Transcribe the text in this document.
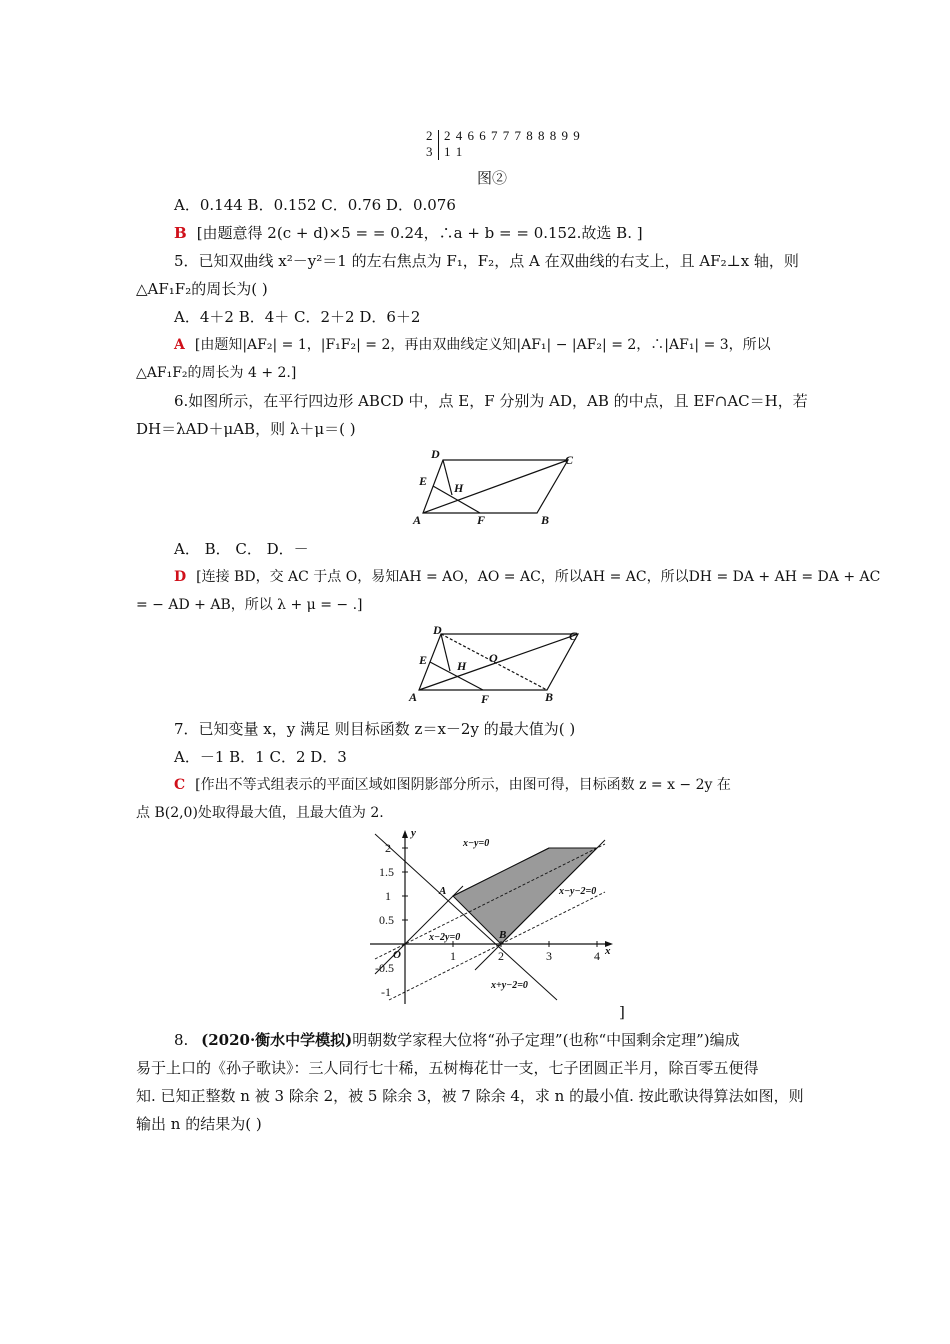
2 2 4 6 6 7 7 7 8 8 8 9 9
3 1 1
图②
A．0.144 B．0.152 C．0.76 D．0.076
B [由题意得 2(c + d)×5 = = 0.24，∴a + b = = 0.152.故选 B. ]
5．已知双曲线 x²－y²＝1 的左右焦点为 F₁，F₂，点 A 在双曲线的右支上，且 AF₂⊥x 轴，则
△AF₁F₂的周长为( )
A．4＋2 B．4＋ C．2＋2 D．6＋2
A [由题知|AF₂| = 1，|F₁F₂| = 2，再由双曲线定义知|AF₁| − |AF₂| = 2，∴|AF₁| = 3，所以
△AF₁F₂的周长为 4 + 2.]
6.如图所示，在平行四边形 ABCD 中，点 E，F 分别为 AD，AB 的中点，且 EF∩AC＝H，若
DH＝λAD＋μAB，则 λ＋μ＝( )
A	B
C
D
E
F
H
A． B． C． D．－
D [连接 BD，交 AC 于点 O，易知AH = AO，AO = AC，所以AH = AC，所以DH = DA + AH = DA + AC
= − AD + AB，所以 λ + μ = − .]
A	B
C
D
E
F
H
O
7．已知变量 x，y 满足 则目标函数 z＝x－2y 的最大值为( )
A．－1 B．1 C．2 D．3
C [作出不等式组表示的平面区域如图阴影部分所示，由图可得，目标函数 z = x − 2y 在
点 B(2,0)处取得最大值，且最大值为 2.
2
1.5
1
0.5
-0.5
-1
1	2	3	4
y
x
O
A
B
x−y=0
x−y−2=0
x−2y=0
x+y−2=0
]
8. (2020·衡水中学模拟)明朝数学家程大位将“孙子定理”(也称“中国剩余定理”)编成
易于上口的《孙子歌诀》：三人同行七十稀，五树梅花廿一支，七子团圆正半月，除百零五便得
知. 已知正整数 n 被 3 除余 2，被 5 除余 3，被 7 除余 4，求 n 的最小值. 按此歌诀得算法如图，则
输出 n 的结果为( )
